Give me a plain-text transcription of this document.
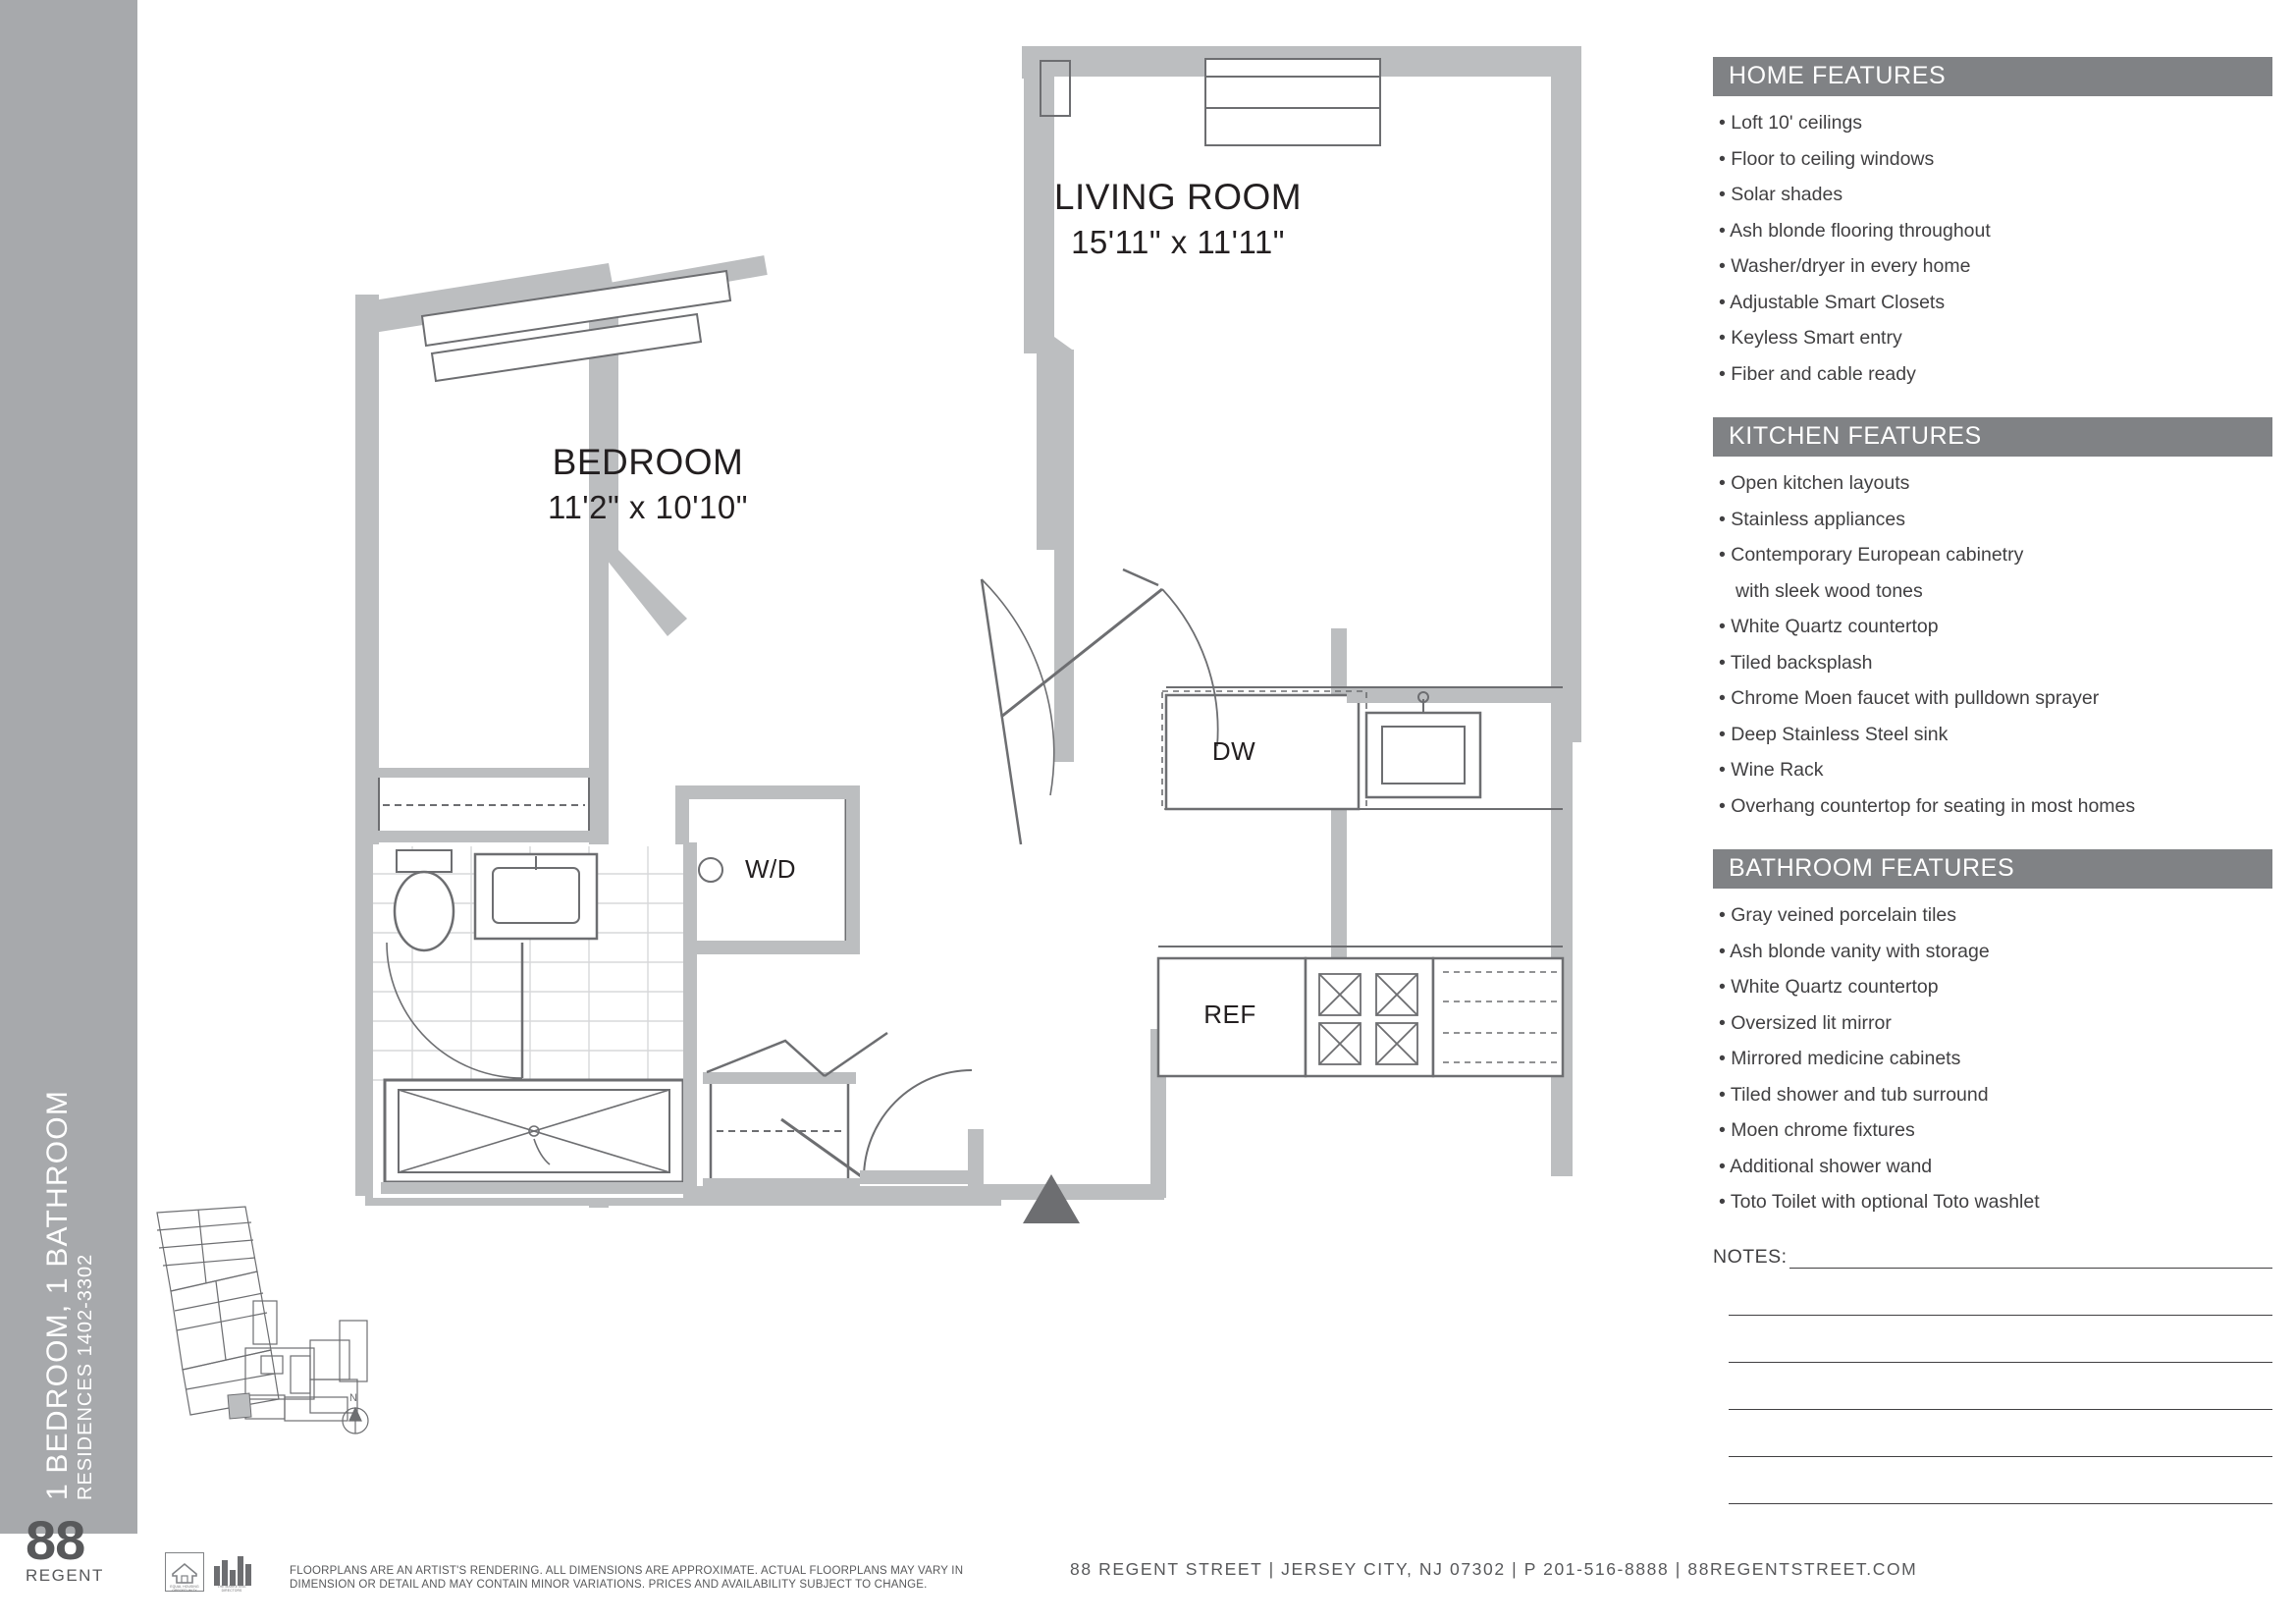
1 BEDROOM, 1 BATHROOM RESIDENCES 1402-3302
88
REGENT
EQUAL HOUSING OPPORTUNITY
THE MARKETING DIRECTORS
FLOORPLANS ARE AN ARTIST'S RENDERING. ALL DIMENSIONS ARE APPROXIMATE. ACTUAL FLOORPLANS MAY VARY IN DIMENSION OR DETAIL AND MAY CONTAIN MINOR VARIATIONS. PRICES AND AVAILABILITY SUBJECT TO CHANGE.
88 REGENT STREET | JERSEY CITY, NJ 07302 | P 201-516-8888 | 88REGENTSTREET.COM
HOME FEATURES
• Loft 10' ceilings
• Floor to ceiling windows
• Solar shades
• Ash blonde flooring throughout
• Washer/dryer in every home
• Adjustable Smart Closets
• Keyless Smart entry
• Fiber and cable ready
KITCHEN FEATURES
• Open kitchen layouts
• Stainless appliances
• Contemporary European cabinetry
with sleek wood tones
• White Quartz countertop
• Tiled backsplash
• Chrome Moen faucet with pulldown sprayer
• Deep Stainless Steel sink
• Wine Rack
• Overhang countertop for seating in most homes
BATHROOM FEATURES
• Gray veined porcelain tiles
• Ash blonde vanity with storage
• White Quartz countertop
• Oversized lit mirror
• Mirrored medicine cabinets
• Tiled shower and tub surround
• Moen chrome fixtures
• Additional shower wand
• Toto Toilet with optional Toto washlet
NOTES:
LIVING ROOM
15'11" x 11'11"
BEDROOM
11'2" x 10'10"
W/D
DW
REF
N
